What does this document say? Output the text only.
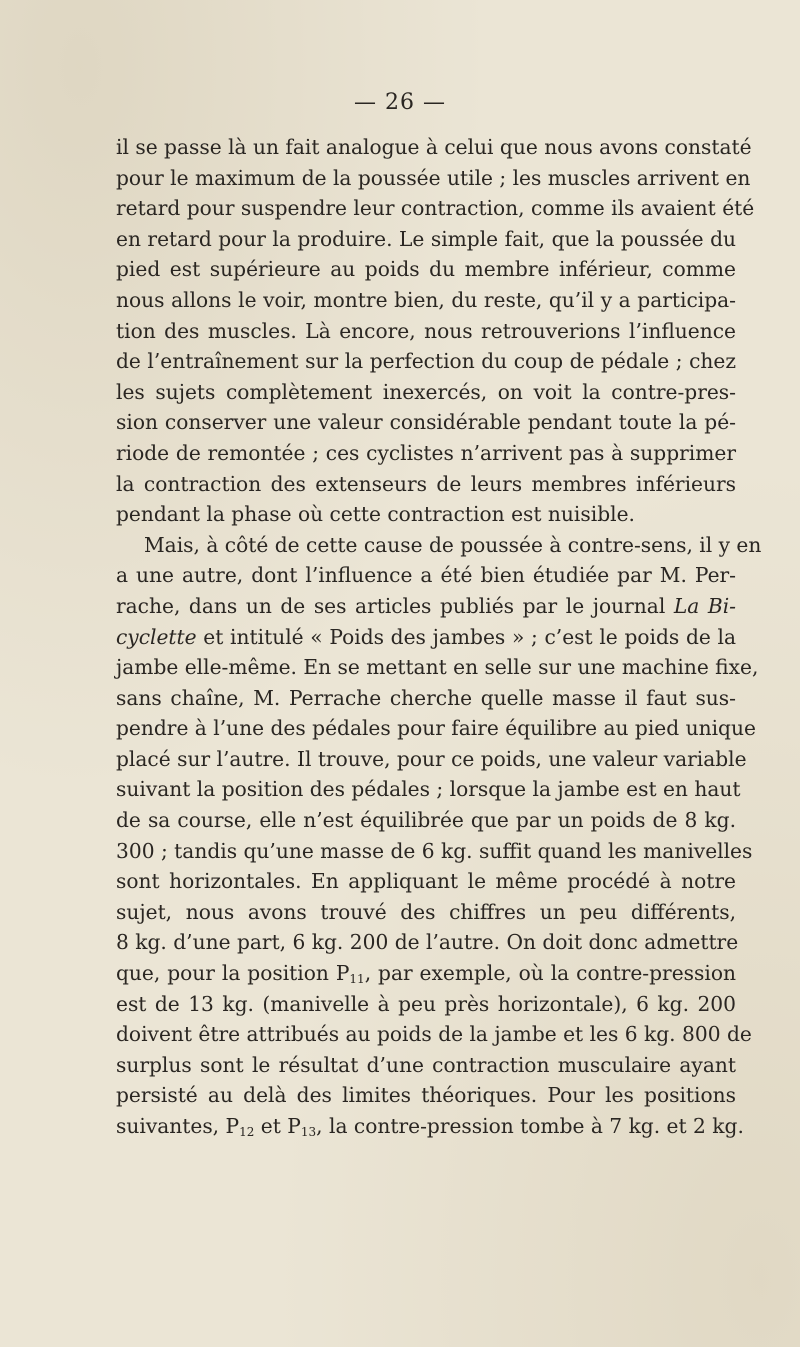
— 26 —
il se passe là un fait analogue à celui que nous avons constaté
pour le maximum de la poussée utile ; les muscles arrivent en
retard pour suspendre leur contraction, comme ils avaient été
en retard pour la produire. Le simple fait, que la poussée du
pied est supérieure au poids du membre inférieur, comme
nous allons le voir, montre bien, du reste, qu’il y a participa-
tion des muscles. Là encore, nous retrouverions l’influence
de l’entraînement sur la perfection du coup de pédale ; chez
les sujets complètement inexercés, on voit la contre-pres-
sion conserver une valeur considérable pendant toute la pé-
riode de remontée ; ces cyclistes n’arrivent pas à supprimer
la contraction des extenseurs de leurs membres inférieurs
pendant la phase où cette contraction est nuisible.
Mais, à côté de cette cause de poussée à contre-sens, il y en
a une autre, dont l’influence a été bien étudiée par M. Per-
rache, dans un de ses articles publiés par le journal La Bi-
cyclette et intitulé « Poids des jambes » ; c’est le poids de la
jambe elle-même. En se mettant en selle sur une machine fixe,
sans chaîne, M. Perrache cherche quelle masse il faut sus-
pendre à l’une des pédales pour faire équilibre au pied unique
placé sur l’autre. Il trouve, pour ce poids, une valeur variable
suivant la position des pédales ; lorsque la jambe est en haut
de sa course, elle n’est équilibrée que par un poids de 8 kg.
300 ; tandis qu’une masse de 6 kg. suffit quand les manivelles
sont horizontales. En appliquant le même procédé à notre
sujet, nous avons trouvé des chiffres un peu différents,
8 kg. d’une part, 6 kg. 200 de l’autre. On doit donc admettre
que, pour la position $P_{11}$, par exemple, où la contre-pression
est de 13 kg. (manivelle à peu près horizontale), 6 kg. 200
doivent être attribués au poids de la jambe et les 6 kg. 800 de
surplus sont le résultat d’une contraction musculaire ayant
persisté au delà des limites théoriques. Pour les positions
suivantes, $P_{12}$ et $P_{13}$, la contre-pression tombe à 7 kg. et 2 kg.
